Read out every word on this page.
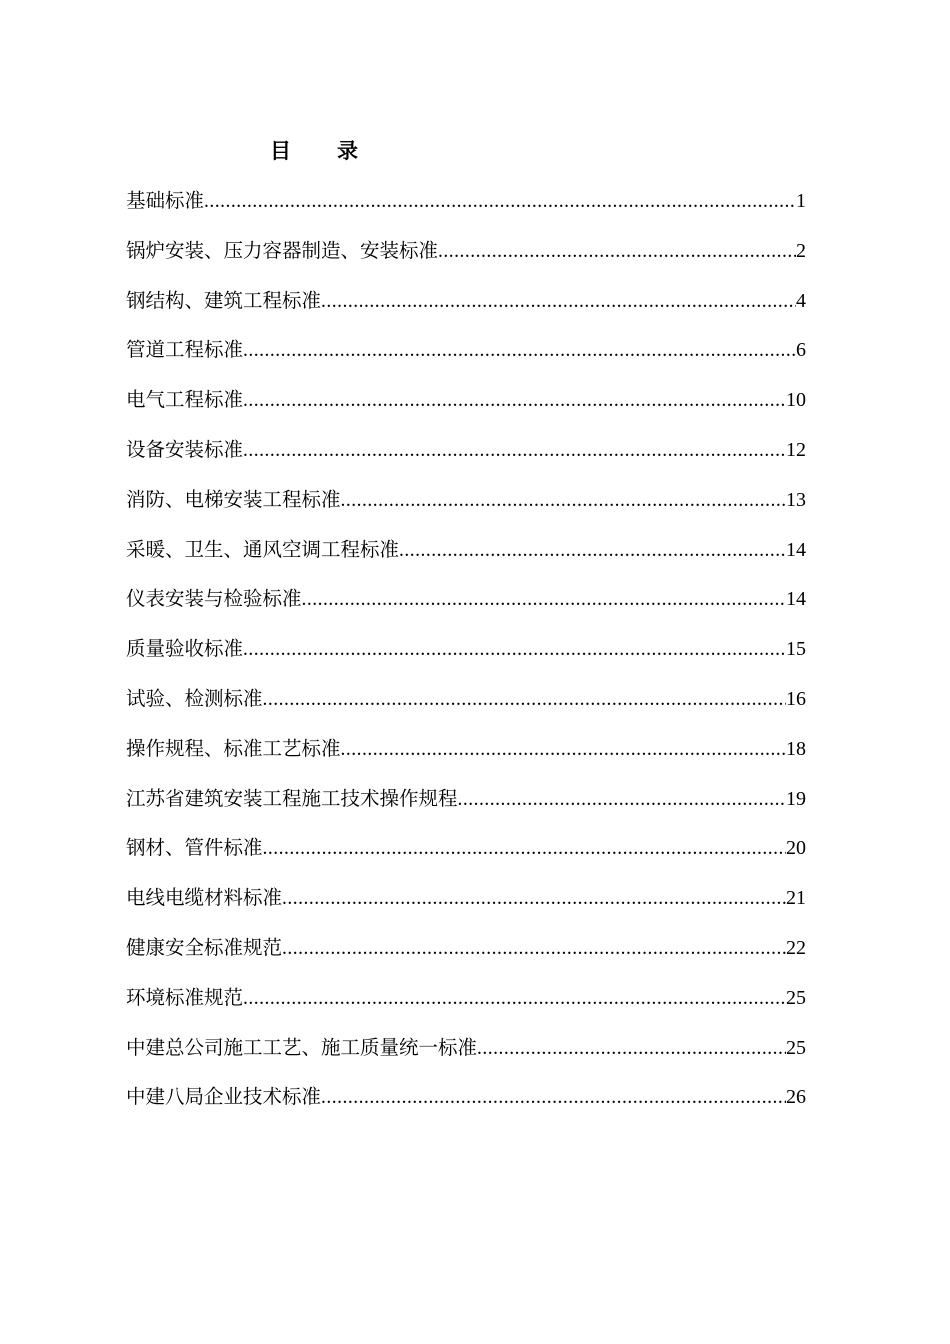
目 录
基础标准 .....	1
锅炉安装、压力容器制造、安装标准 .....	2
钢结构、建筑工程标准 .....	4
管道工程标准 .....	6
电气工程标准 .....	10
设备安装标准 .....	12
消防、电梯安装工程标准 .....	13
采暖、卫生、通风空调工程标准 .....	14
仪表安装与检验标准 .....	14
质量验收标准 .....	15
试验、检测标准 .....	16
操作规程、标准工艺标准 .....	18
江苏省建筑安装工程施工技术操作规程 .....	19
钢材、管件标准 .....	20
电线电缆材料标准 .....	21
健康安全标准规范 .....	22
环境标准规范 .....	25
中建总公司施工工艺、施工质量统一标准 .....	25
中建八局企业技术标准 .....	26
